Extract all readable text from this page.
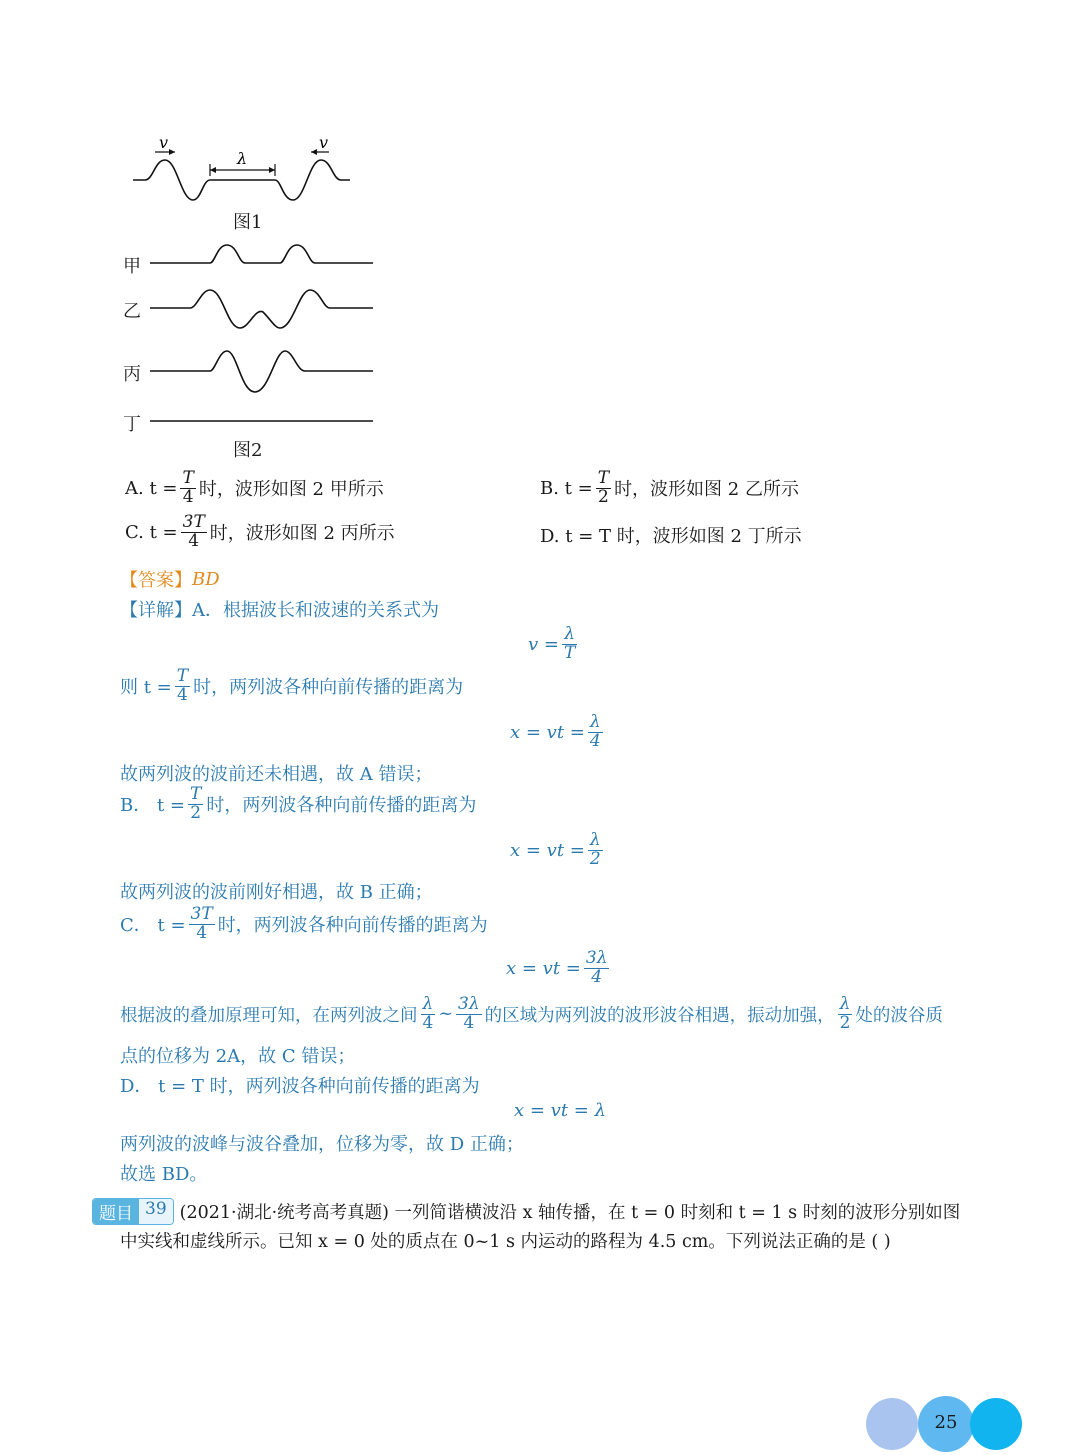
v	v
λ
图1
甲
乙
丙
丁
图2
A. $t = \frac{T}{4}$ 时，波形如图 2 甲所示	B. $t = \frac{T}{2}$ 时，波形如图 2 乙所示
C. $t = \frac{3T}{4}$ 时，波形如图 2 丙所示	D. t = T 时，波形如图 2 丁所示
【答案】 BD
【详解】 A．根据波长和波速的关系式为
$v = \frac{\lambda}{T}$
则 $t = \frac{T}{4}$ 时，两列波各种向前传播的距离为
x = vt = $\frac{\lambda}{4}$
故两列波的波前还未相遇，故 A 错误；
B． $t = \frac{T}{2}$ 时，两列波各种向前传播的距离为
x = vt = $\frac{\lambda}{2}$
故两列波的波前刚好相遇，故 B 正确；
C． $t = \frac{3T}{4}$ 时，两列波各种向前传播的距离为
x = vt = $\frac{3\lambda}{4}$
根据波的叠加原理可知，在两列波之间 $\frac{\lambda}{4}$ ~ $\frac{3\lambda}{4}$ 的区域为两列波的波形波谷相遇，振动加强， $\frac{\lambda}{2}$ 处的波谷质
点的位移为 2A，故 C 错误；
D． t = T 时，两列波各种向前传播的距离为
x = vt = λ
两列波的波峰与波谷叠加，位移为零，故 D 正确；
故选 BD。
题目 39 (2021·湖北·统考高考真题) 一列简谐横波沿 x 轴传播，在 t = 0 时刻和 t = 1 s 时刻的波形分别如图
中实线和虚线所示。已知 x = 0 处的质点在 0~1 s 内运动的路程为 4.5 cm。下列说法正确的是 ( )
25
